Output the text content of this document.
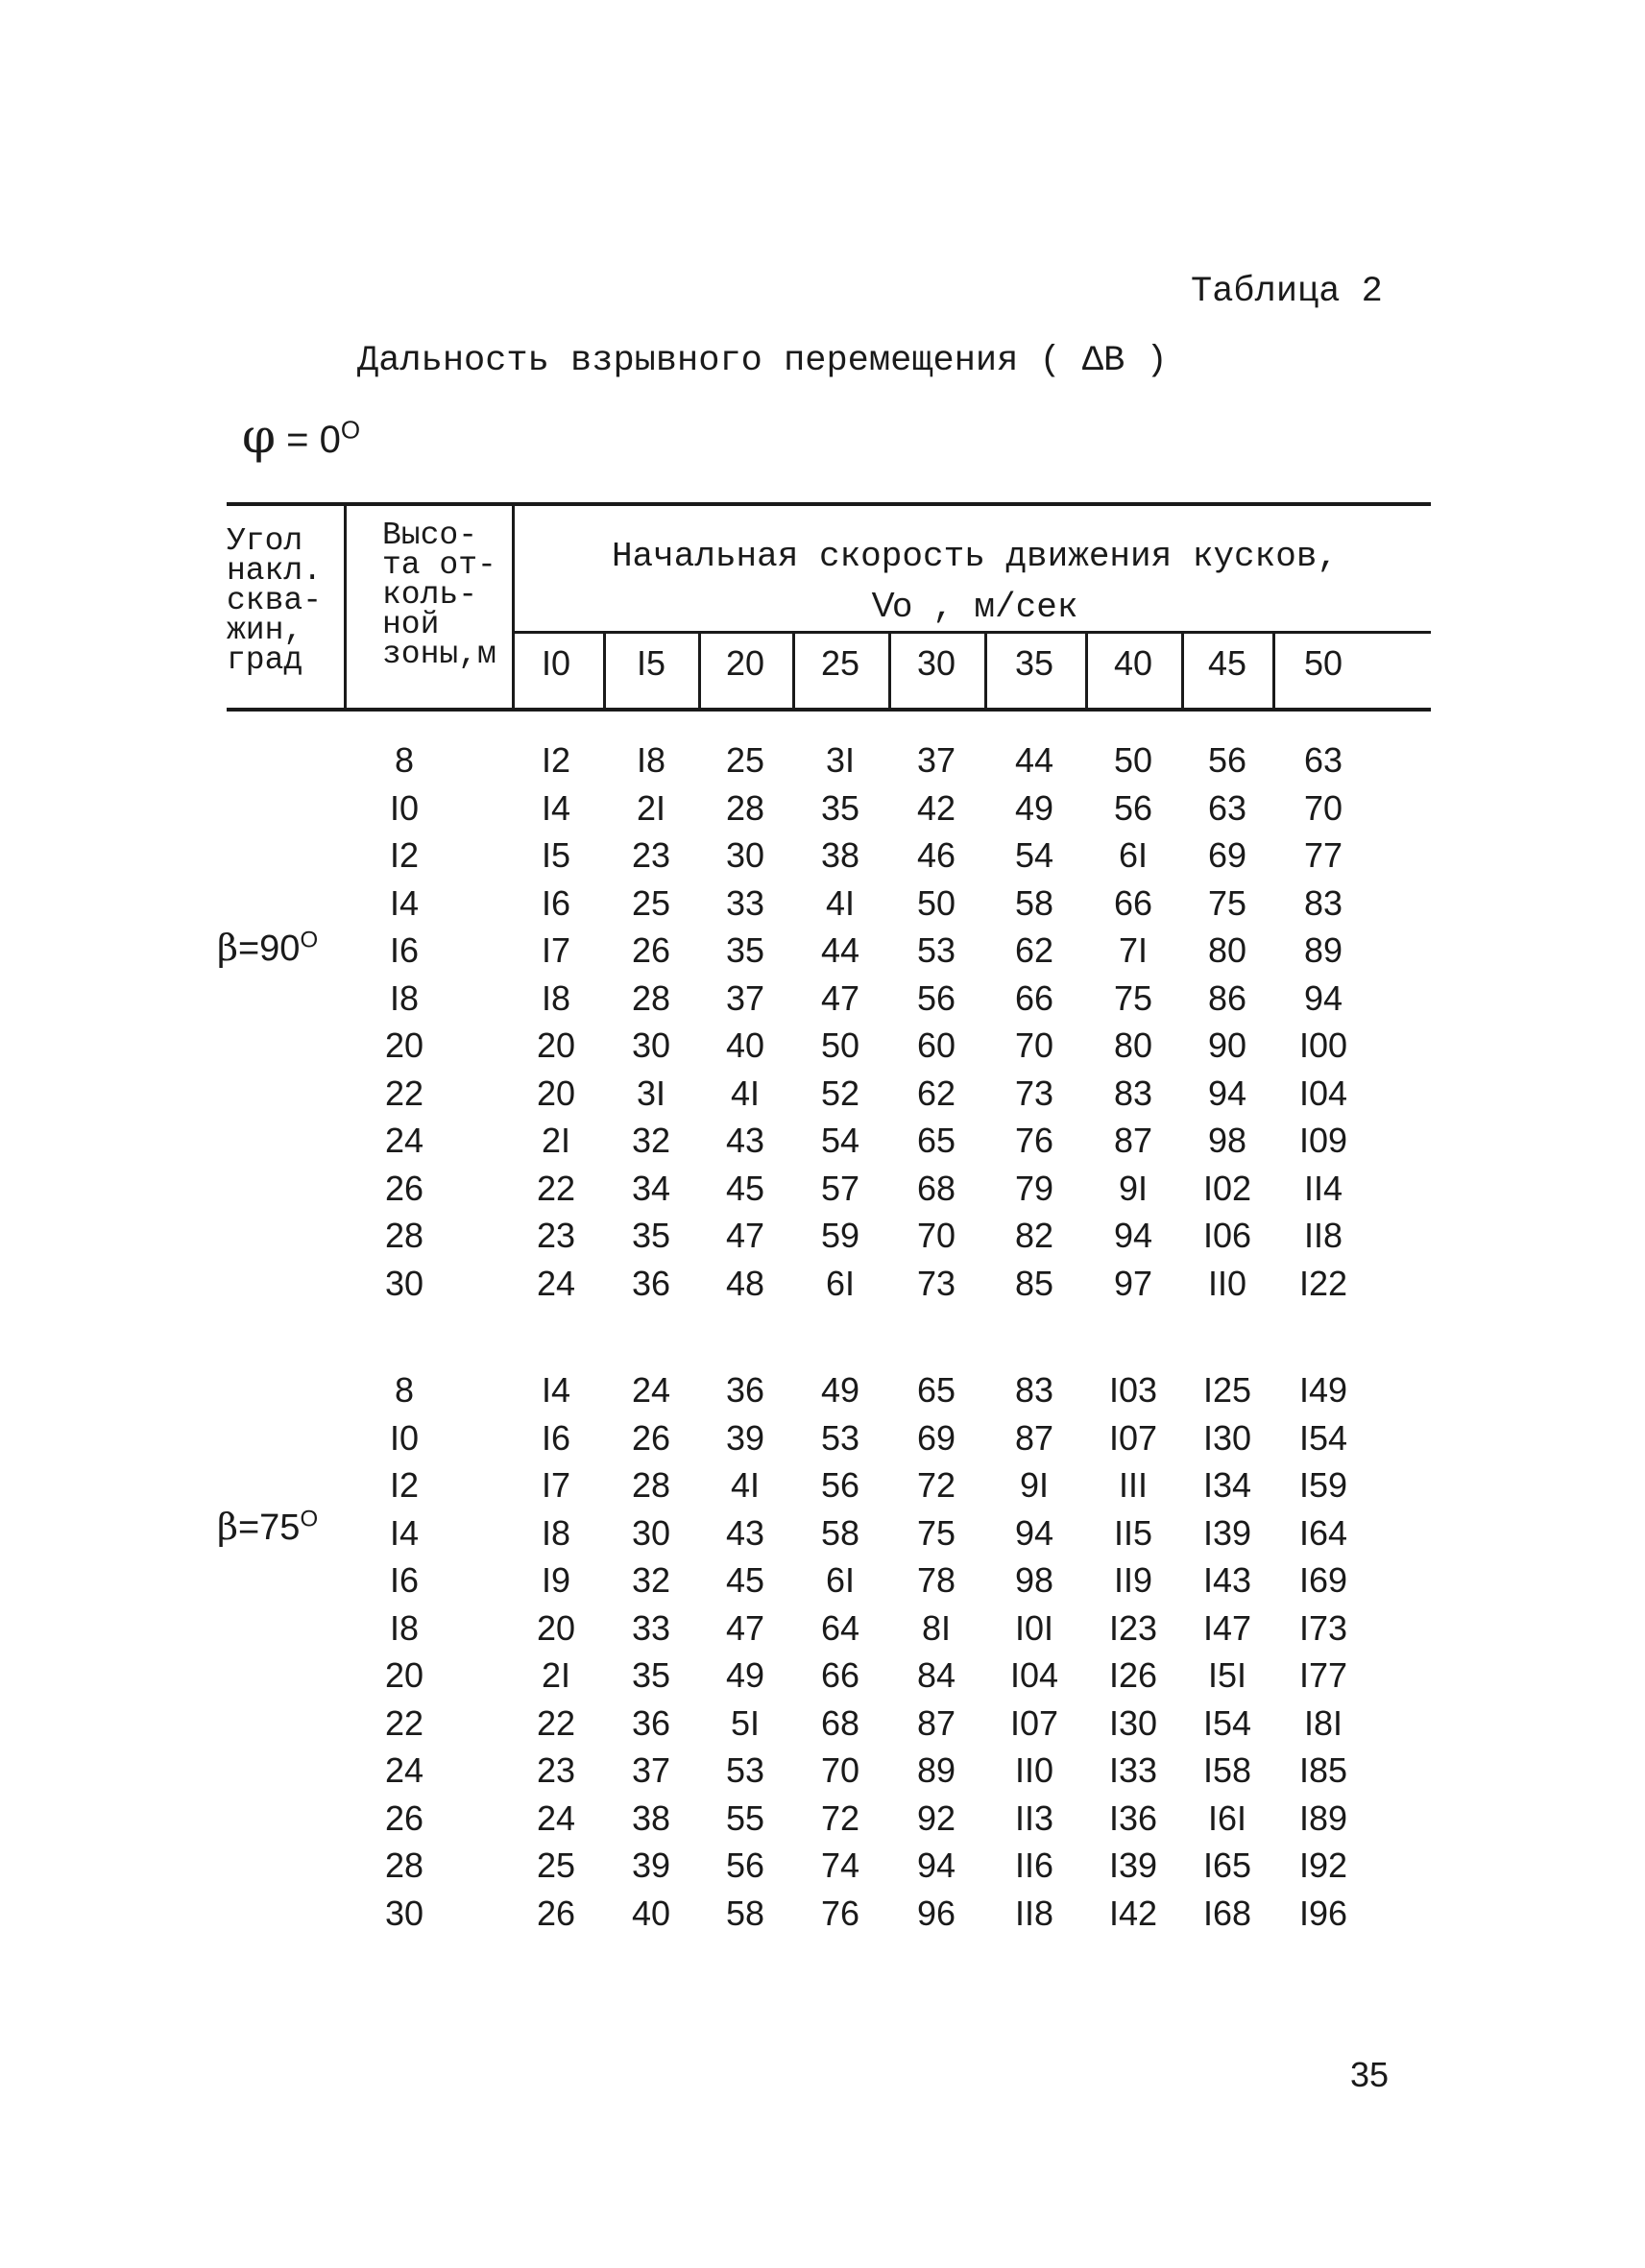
Таблица 2
Дальность взрывного перемещения ( ΔB )
$\varphi = 0^O$
Угол
накл.
сква-
жин,
град
Высо-
та от-
коль-
ной
зоны,м
Начальная скорость движения кусков,
Vo , м/сек
I0	I5	20	25	30	35	40	45	50
$\beta=90^O$
$\beta=75^O$
8	I2	I8	25	3I	37	44	50	56	63
I0	I4	2I	28	35	42	49	56	63	70
I2	I5	23	30	38	46	54	6I	69	77
I4	I6	25	33	4I	50	58	66	75	83
I6	I7	26	35	44	53	62	7I	80	89
I8	I8	28	37	47	56	66	75	86	94
20	20	30	40	50	60	70	80	90	I00
22	20	3I	4I	52	62	73	83	94	I04
24	2I	32	43	54	65	76	87	98	I09
26	22	34	45	57	68	79	9I	I02	II4
28	23	35	47	59	70	82	94	I06	II8
30	24	36	48	6I	73	85	97	II0	I22
8	I4	24	36	49	65	83	I03	I25	I49
I0	I6	26	39	53	69	87	I07	I30	I54
I2	I7	28	4I	56	72	9I	III	I34	I59
I4	I8	30	43	58	75	94	II5	I39	I64
I6	I9	32	45	6I	78	98	II9	I43	I69
I8	20	33	47	64	8I	I0I	I23	I47	I73
20	2I	35	49	66	84	I04	I26	I5I	I77
22	22	36	5I	68	87	I07	I30	I54	I8I
24	23	37	53	70	89	II0	I33	I58	I85
26	24	38	55	72	92	II3	I36	I6I	I89
28	25	39	56	74	94	II6	I39	I65	I92
30	26	40	58	76	96	II8	I42	I68	I96
35
